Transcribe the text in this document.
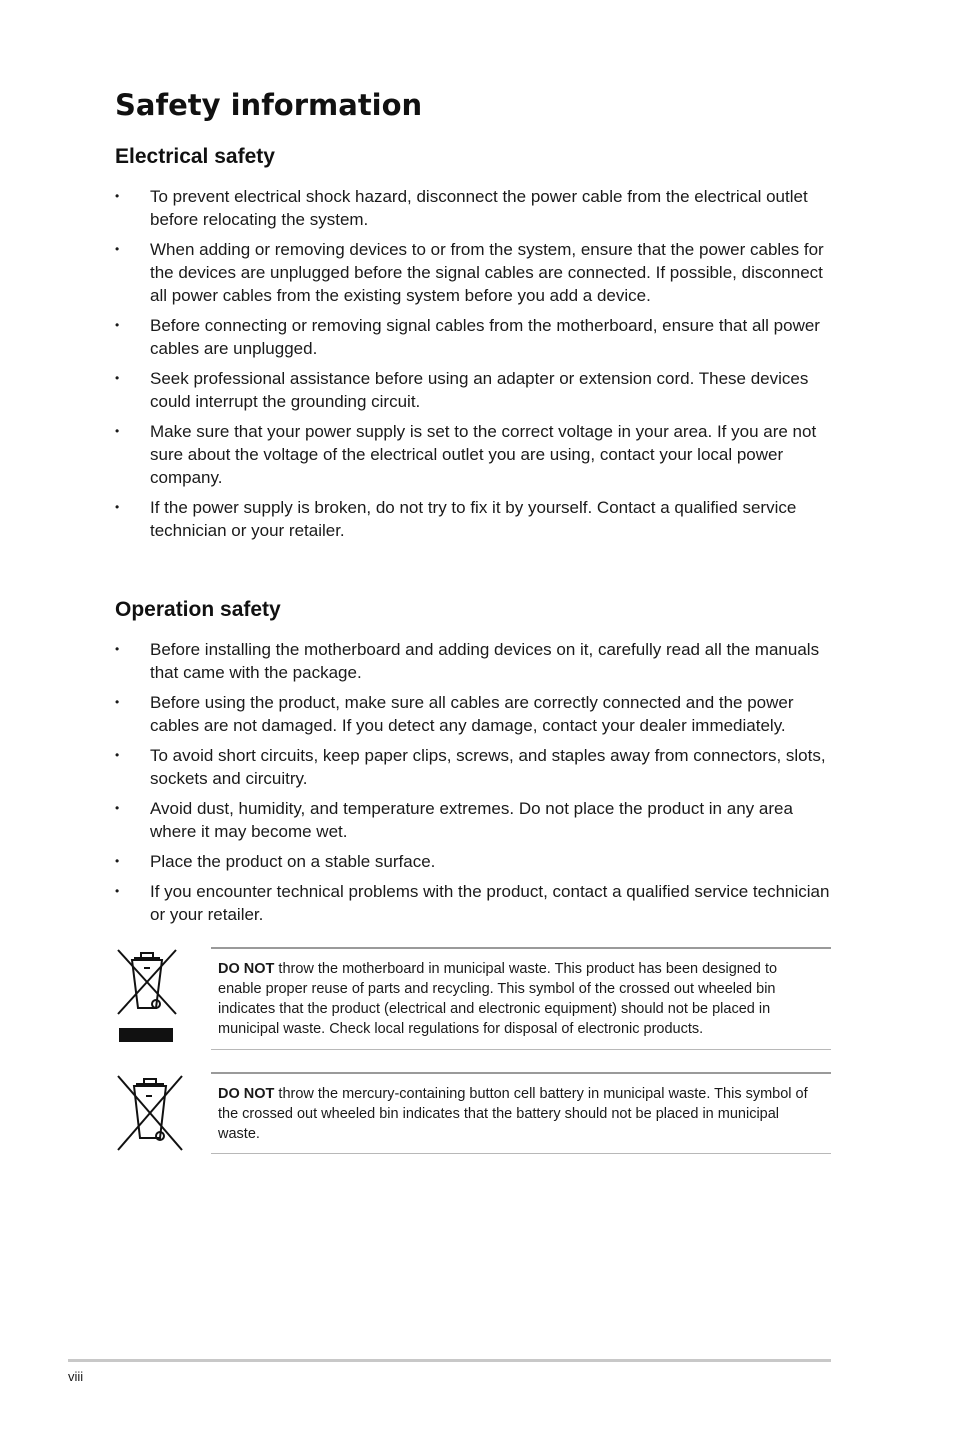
Safety information
Electrical safety
•	To prevent electrical shock hazard, disconnect the power cable from the electrical outlet before relocating the system.
•	When adding or removing devices to or from the system, ensure that the power cables for the devices are unplugged before the signal cables are connected. If possible, disconnect all power cables from the existing system before you add a device.
•	Before connecting or removing signal cables from the motherboard, ensure that all power cables are unplugged.
•	Seek professional assistance before using an adapter or extension cord. These devices could interrupt the grounding circuit.
•	Make sure that your power supply is set to the correct voltage in your area. If you are not sure about the voltage of the electrical outlet you are using, contact your local power company.
•	If the power supply is broken, do not try to fix it by yourself. Contact a qualified service technician or your retailer.
Operation safety
•	Before installing the motherboard and adding devices on it, carefully read all the manuals that came with the package.
•	Before using the product, make sure all cables are correctly connected and the power cables are not damaged. If you detect any damage, contact your dealer immediately.
•	To avoid short circuits, keep paper clips, screws, and staples away from connectors, slots, sockets and circuitry.
•	Avoid dust, humidity, and temperature extremes. Do not place the product in any area where it may become wet.
•	Place the product on a stable surface.
•	If you encounter technical problems with the product, contact a qualified service technician or your retailer.
DO NOT throw the motherboard in municipal waste. This product has been designed to enable proper reuse of parts and recycling. This symbol of the crossed out wheeled bin indicates that the product (electrical and electronic equipment) should not be placed in municipal waste. Check local regulations for disposal of electronic products.
DO NOT throw the mercury-containing button cell battery in municipal waste. This symbol of the crossed out wheeled bin indicates that the battery should not be placed in municipal waste.
viii
